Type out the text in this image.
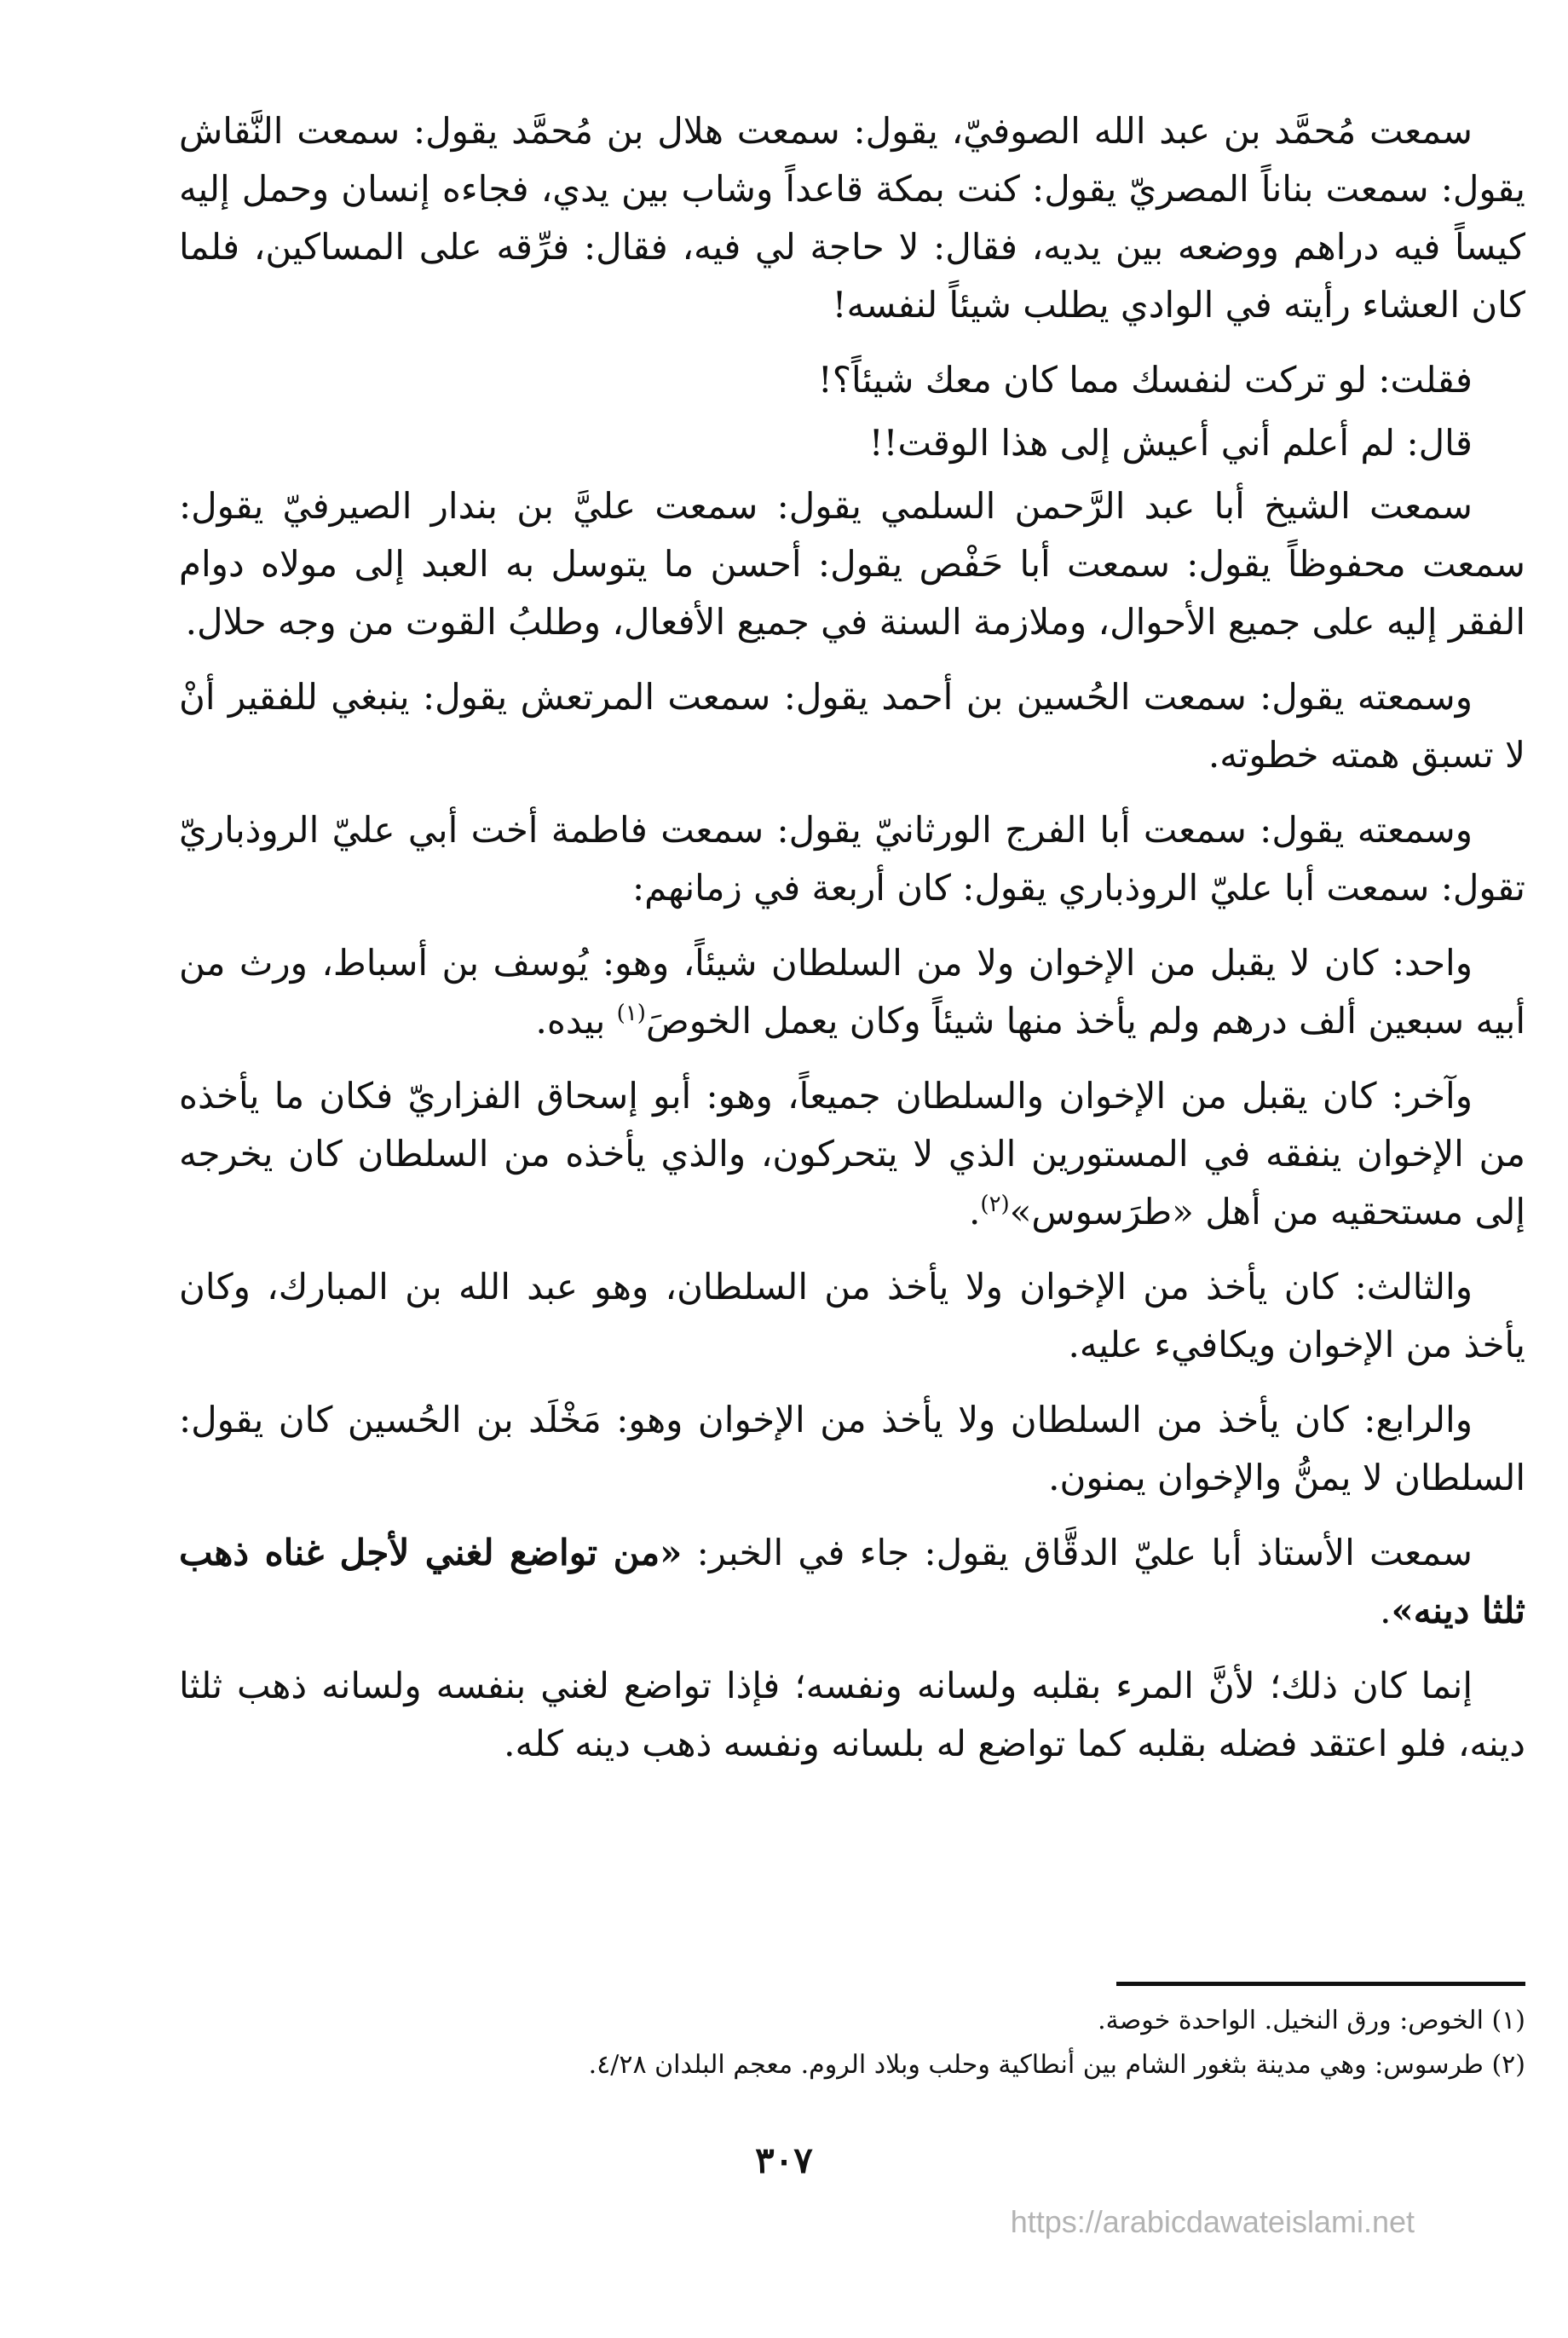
سمعت مُحمَّد بن عبد الله الصوفيّ، يقول: سمعت هلال بن مُحمَّد يقول: سمعت النَّقاش يقول: سمعت بناناً المصريّ يقول: كنت بمكة قاعداً وشاب بين يدي، فجاءه إنسان وحمل إليه كيساً فيه دراهم ووضعه بين يديه، فقال: لا حاجة لي فيه، فقال: فرِّقه على المساكين، فلما كان العشاء رأيته في الوادي يطلب شيئاً لنفسه!

فقلت: لو تركت لنفسك مما كان معك شيئاً؟!

قال: لم أعلم أني أعيش إلى هذا الوقت!!

سمعت الشيخ أبا عبد الرَّحمن السلمي يقول: سمعت عليَّ بن بندار الصيرفيّ يقول: سمعت محفوظاً يقول: سمعت أبا حَفْص يقول: أحسن ما يتوسل به العبد إلى مولاه دوام الفقر إليه على جميع الأحوال، وملازمة السنة في جميع الأفعال، وطلبُ القوت من وجه حلال.

وسمعته يقول: سمعت الحُسين بن أحمد يقول: سمعت المرتعش يقول: ينبغي للفقير أنْ لا تسبق همته خطوته.

وسمعته يقول: سمعت أبا الفرج الورثانيّ يقول: سمعت فاطمة أخت أبي عليّ الروذباريّ تقول: سمعت أبا عليّ الروذباري يقول: كان أربعة في زمانهم:

واحد: كان لا يقبل من الإخوان ولا من السلطان شيئاً، وهو: يُوسف بن أسباط، ورث من أبيه سبعين ألف درهم ولم يأخذ منها شيئاً وكان يعمل الخوصَ$^{(١)}$ بيده.

وآخر: كان يقبل من الإخوان والسلطان جميعاً، وهو: أبو إسحاق الفزاريّ فكان ما يأخذه من الإخوان ينفقه في المستورين الذي لا يتحركون، والذي يأخذه من السلطان كان يخرجه إلى مستحقيه من أهل «طرَسوس»$^{(٢)}$.

والثالث: كان يأخذ من الإخوان ولا يأخذ من السلطان، وهو عبد الله بن المبارك، وكان يأخذ من الإخوان ويكافيء عليه.

والرابع: كان يأخذ من السلطان ولا يأخذ من الإخوان وهو: مَخْلَد بن الحُسين كان يقول: السلطان لا يمنُّ والإخوان يمنون.

سمعت الأستاذ أبا عليّ الدقَّاق يقول: جاء في الخبر: «من تواضع لغني لأجل غناه ذهب ثلثا دينه».

إنما كان ذلك؛ لأنَّ المرء بقلبه ولسانه ونفسه؛ فإذا تواضع لغني بنفسه ولسانه ذهب ثلثا دينه، فلو اعتقد فضله بقلبه كما تواضع له بلسانه ونفسه ذهب دينه كله.

(١) الخوص: ورق النخيل. الواحدة خوصة.

(٢) طرسوس: وهي مدينة بثغور الشام بين أنطاكية وحلب وبلاد الروم. معجم البلدان ٤/٢٨.

٣٠٧
https://arabicdawateislami.net
